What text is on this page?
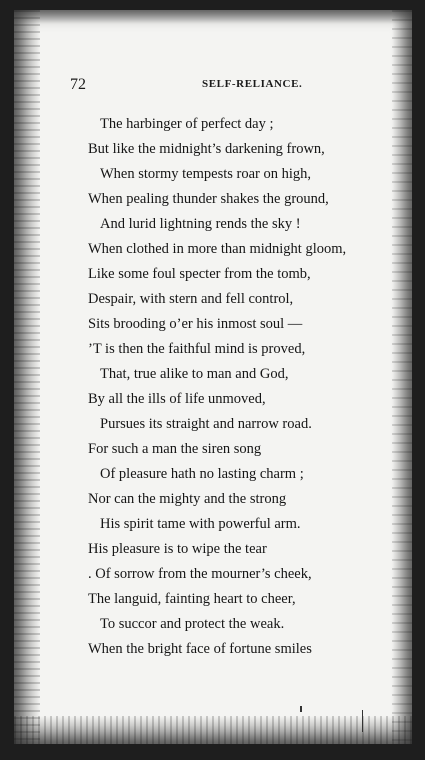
72	SELF-RELIANCE.
The harbinger of perfect day ;
But like the midnight’s darkening frown,
When stormy tempests roar on high,
When pealing thunder shakes the ground,
And lurid lightning rends the sky !
When clothed in more than midnight gloom,
Like some foul specter from the tomb,
Despair, with stern and fell control,
Sits brooding o’er his inmost soul —
’T is then the faithful mind is proved,
That, true alike to man and God,
By all the ills of life unmoved,
Pursues its straight and narrow road.
For such a man the siren song
Of pleasure hath no lasting charm ;
Nor can the mighty and the strong
His spirit tame with powerful arm.
His pleasure is to wipe the tear
. Of sorrow from the mourner’s cheek,
The languid, fainting heart to cheer,
To succor and protect the weak.
When the bright face of fortune smiles
